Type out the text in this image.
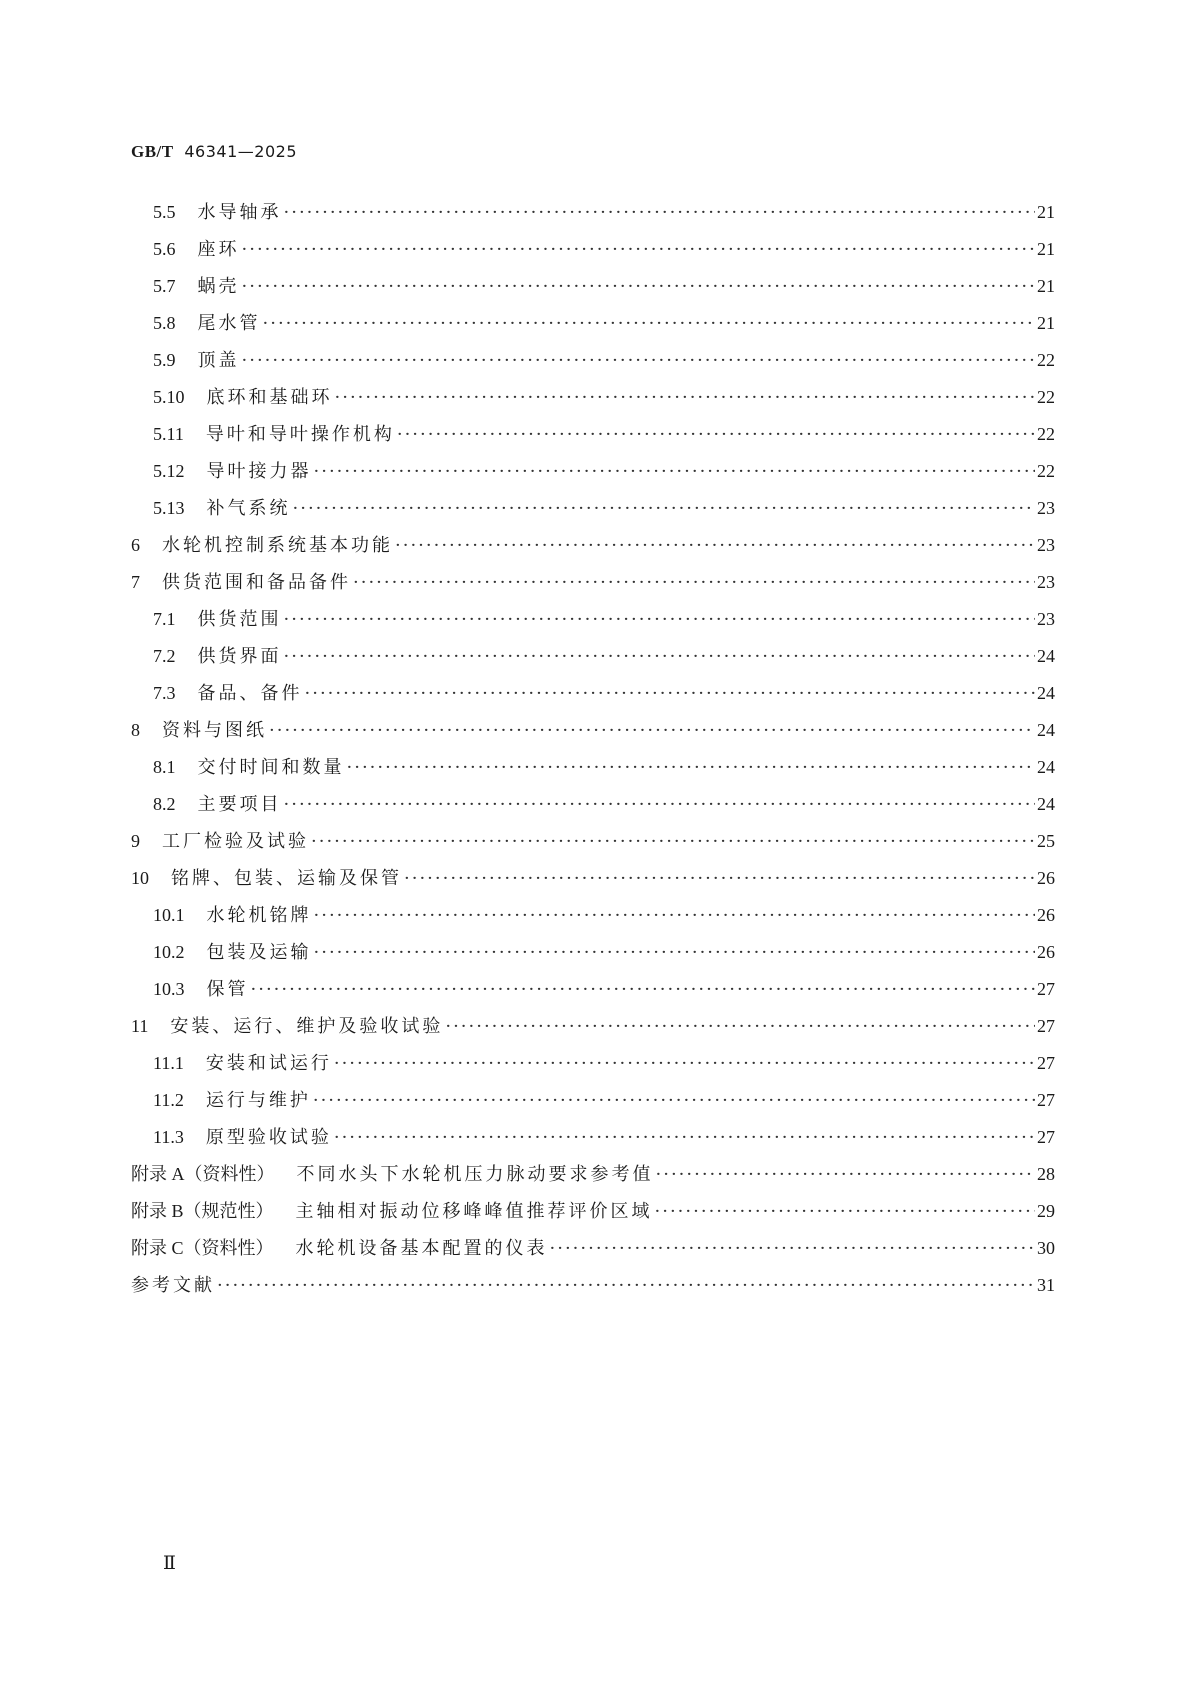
GB/T 46341—2025
5.5 水导轴承 ·····	21
5.6 座环 ·····	21
5.7 蜗壳 ·····	21
5.8 尾水管 ·····	21
5.9 顶盖 ·····	22
5.10 底环和基础环 ·····	22
5.11 导叶和导叶操作机构 ·····	22
5.12 导叶接力器 ·····	22
5.13 补气系统 ·····	23
6 水轮机控制系统基本功能 ·····	23
7 供货范围和备品备件 ·····	23
7.1 供货范围 ·····	23
7.2 供货界面 ·····	24
7.3 备品、备件 ·····	24
8 资料与图纸 ·····	24
8.1 交付时间和数量 ·····	24
8.2 主要项目 ·····	24
9 工厂检验及试验 ·····	25
10 铭牌、包装、运输及保管 ·····	26
10.1 水轮机铭牌 ·····	26
10.2 包装及运输 ·····	26
10.3 保管 ·····	27
11 安装、运行、维护及验收试验 ·····	27
11.1 安装和试运行 ·····	27
11.2 运行与维护 ·····	27
11.3 原型验收试验 ·····	27
附录 A（资料性） 不同水头下水轮机压力脉动要求参考值 ·····	28
附录 B（规范性） 主轴相对振动位移峰峰值推荐评价区域 ·····	29
附录 C（资料性） 水轮机设备基本配置的仪表 ·····	30
参考文献 ·····	31
Ⅱ
